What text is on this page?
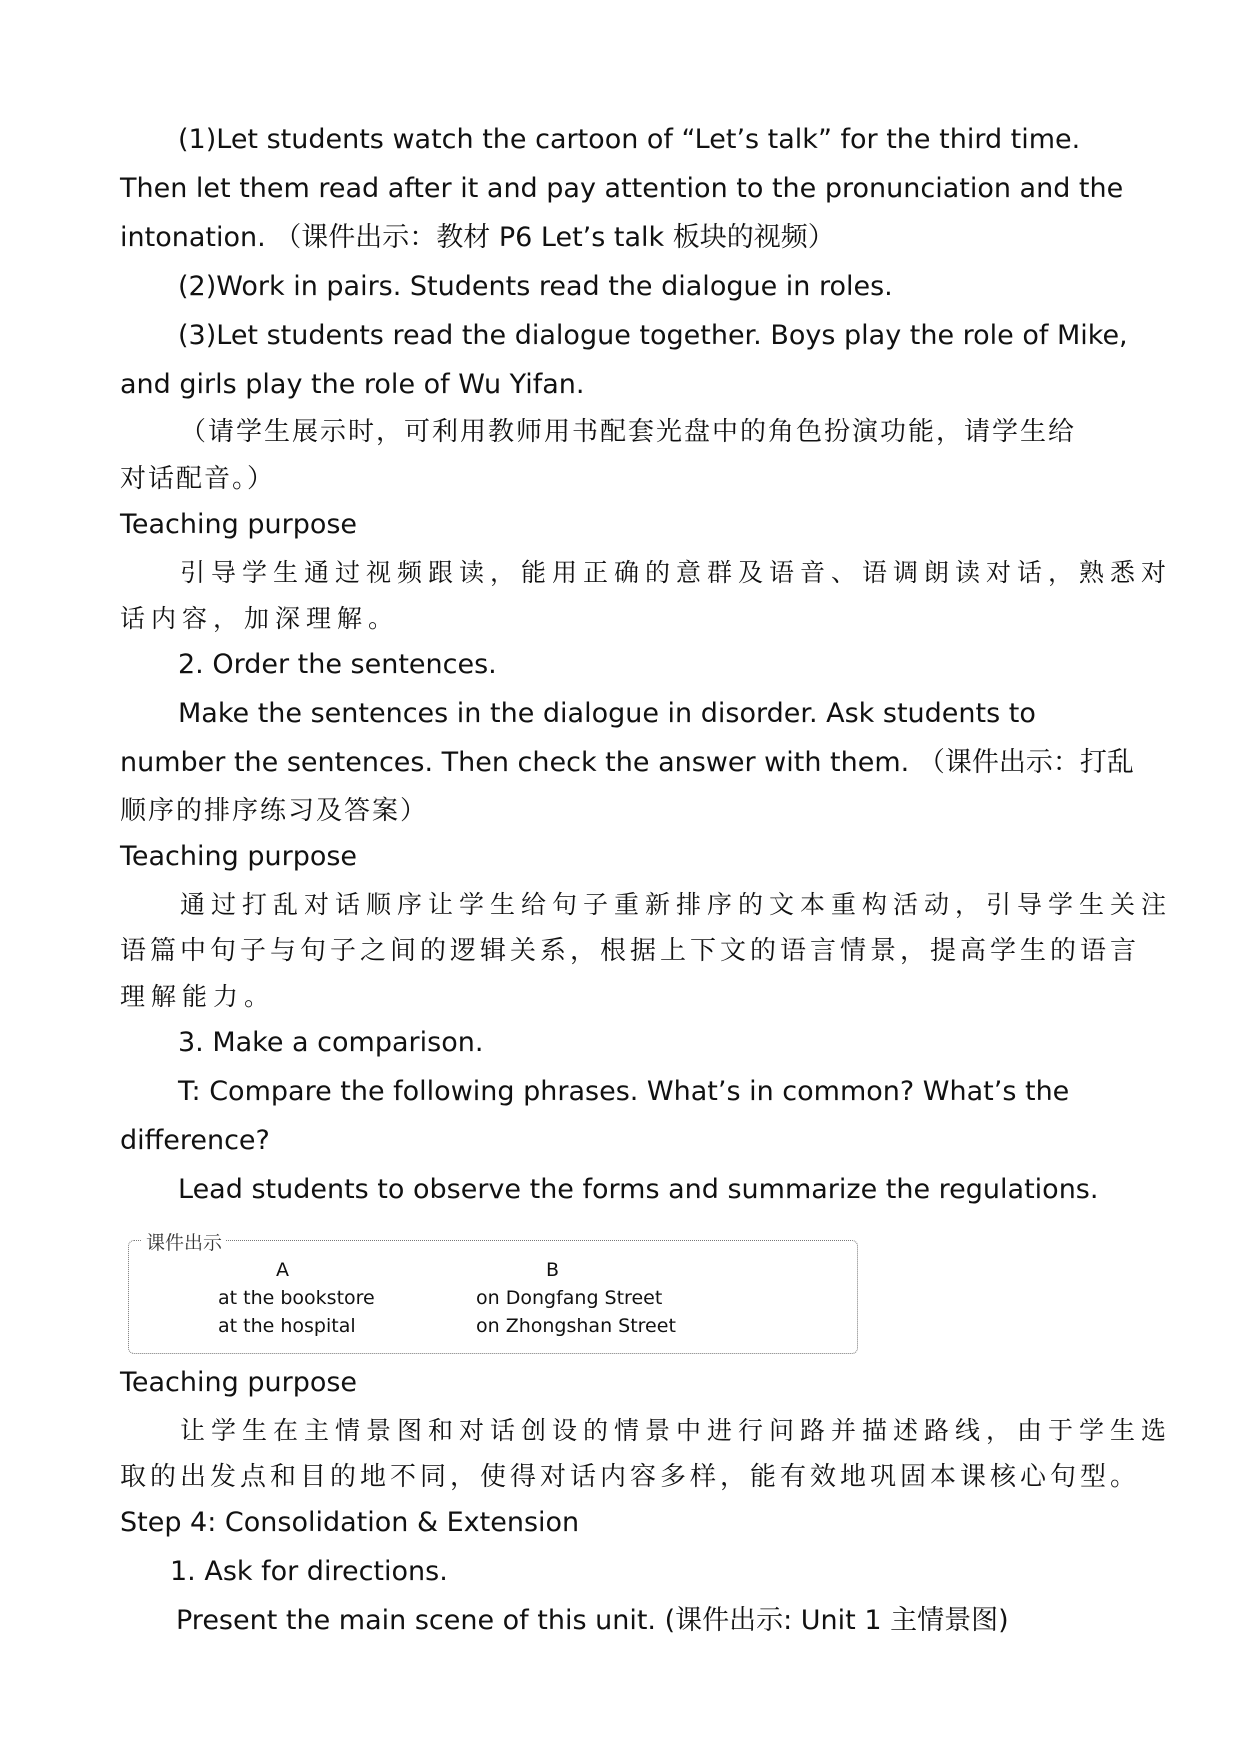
(1)Let students watch the cartoon of “Let’s talk” for the third time.
Then let them read after it and pay attention to the pronunciation and the
intonation. （课件出示：教材 P6 Let’s talk 板块的视频）
(2)Work in pairs. Students read the dialogue in roles.
(3)Let students read the dialogue together. Boys play the role of Mike,
and girls play the role of Wu Yifan.
（请学生展示时，可利用教师用书配套光盘中的角色扮演功能，请学生给
对话配音。）
Teaching purpose
引导学生通过视频跟读，能用正确的意群及语音、语调朗读对话，熟悉对
话内容，加深理解。
2. Order the sentences.
Make the sentences in the dialogue in disorder. Ask students to
number the sentences. Then check the answer with them. （课件出示：打乱
顺序的排序练习及答案）
Teaching purpose
通过打乱对话顺序让学生给句子重新排序的文本重构活动，引导学生关注
语篇中句子与句子之间的逻辑关系，根据上下文的语言情景，提高学生的语言
理解能力。
3. Make a comparison.
T: Compare the following phrases. What’s in common? What’s the
difference?
Lead students to observe the forms and summarize the regulations.
课件出示
A	B
at the bookstore	on Dongfang Street
at the hospital	on Zhongshan Street
Teaching purpose
让学生在主情景图和对话创设的情景中进行问路并描述路线，由于学生选
取的出发点和目的地不同，使得对话内容多样，能有效地巩固本课核心句型。
Step 4: Consolidation & Extension
1. Ask for directions.
Present the main scene of this unit. (课件出示: Unit 1 主情景图)
